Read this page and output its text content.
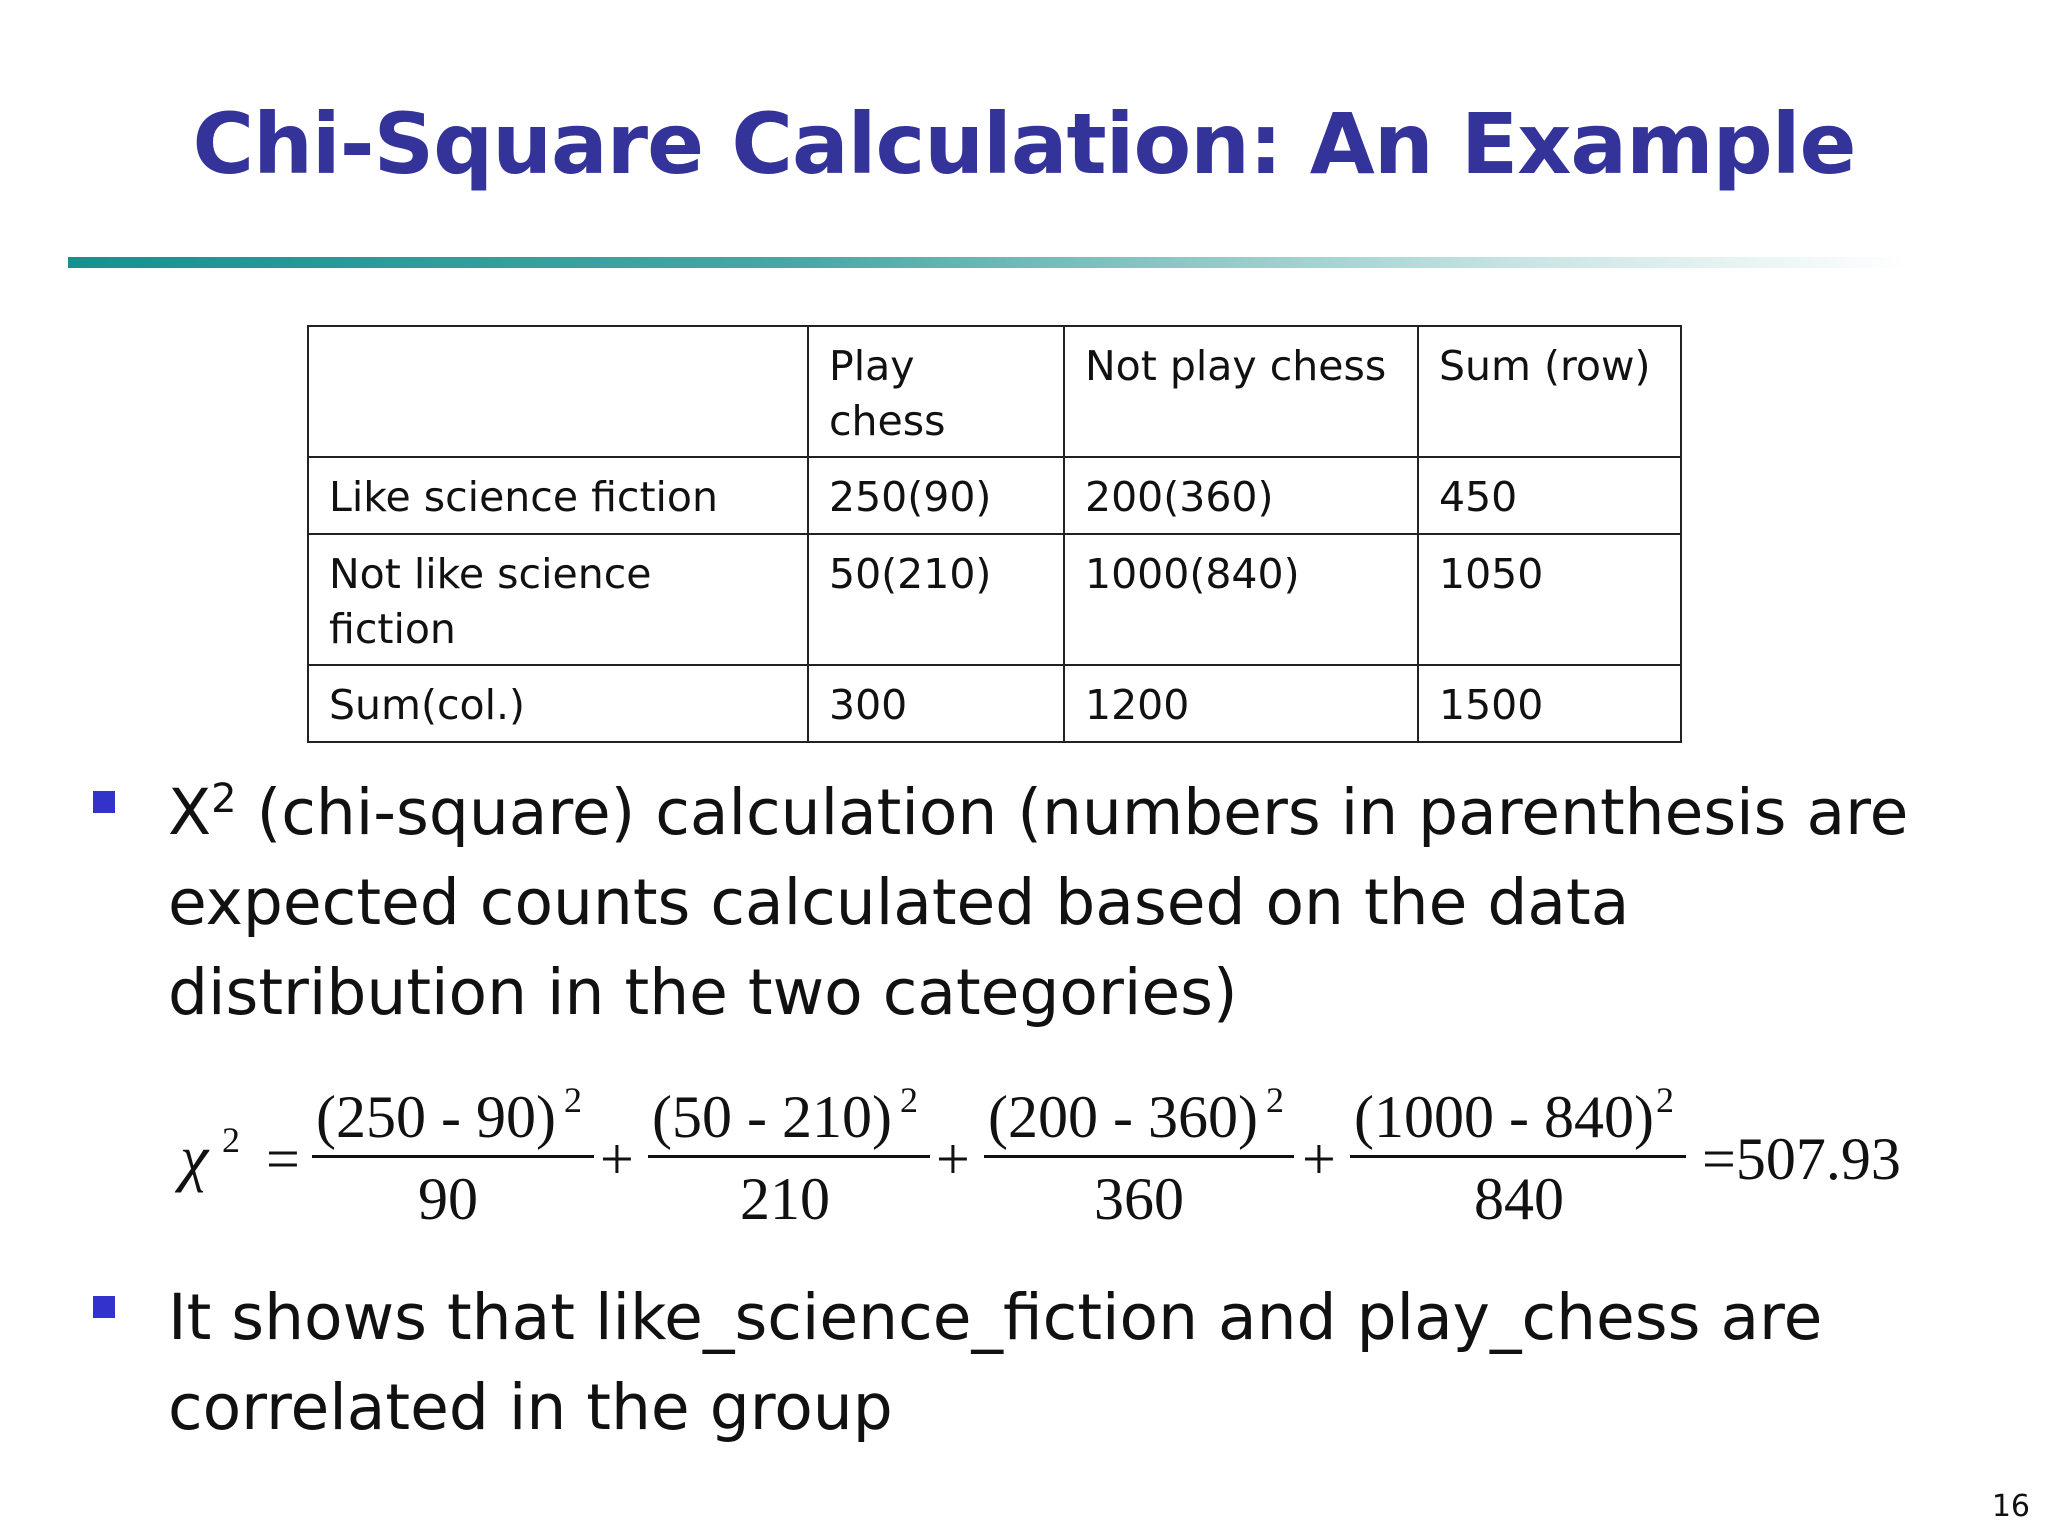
Chi-Square Calculation: An Example
	Play chess	Not play chess	Sum (row)
Like science fiction	250(90)	200(360)	450
Not like science fiction	50(210)	1000(840)	1050
Sum(col.)	300	1200	1500
$X^2$ (chi-square) calculation (numbers in parenthesis are expected counts calculated based on the data distribution in the two categories)
χ 2 =
(250 - 90) 2
90
+
(50 - 210) 2
210
+
(200 - 360) 2
360
+
(1000 - 840) 2
840
=507.93
It shows that like_science_fiction and play_chess are correlated in the group
16
